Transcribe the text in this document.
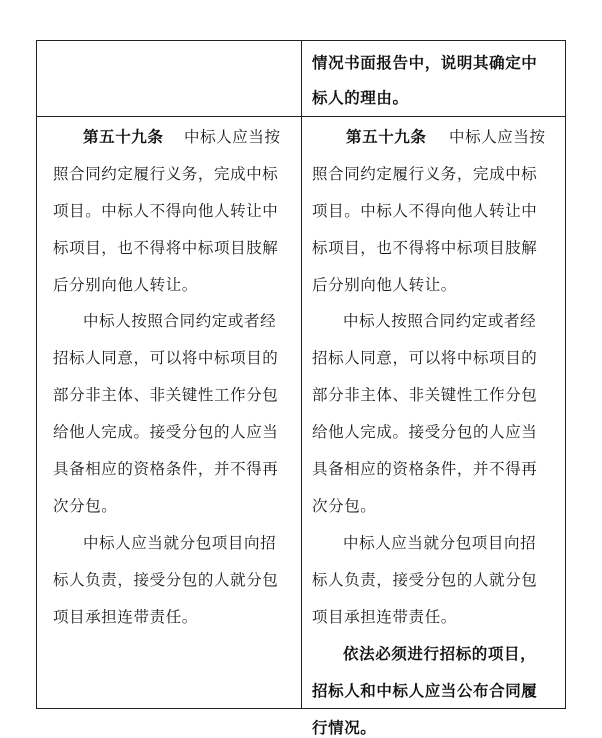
情况书面报告中，说明其确定中
标人的理由。
第五十九条 中标人应当按
照合同约定履行义务，完成中标
项目。中标人不得向他人转让中
标项目，也不得将中标项目肢解
后分别向他人转让。
中标人按照合同约定或者经
招标人同意，可以将中标项目的
部分非主体、非关键性工作分包
给他人完成。接受分包的人应当
具备相应的资格条件，并不得再
次分包。
中标人应当就分包项目向招
标人负责，接受分包的人就分包
项目承担连带责任。
第五十九条 中标人应当按
照合同约定履行义务，完成中标
项目。中标人不得向他人转让中
标项目，也不得将中标项目肢解
后分别向他人转让。
中标人按照合同约定或者经
招标人同意，可以将中标项目的
部分非主体、非关键性工作分包
给他人完成。接受分包的人应当
具备相应的资格条件，并不得再
次分包。
中标人应当就分包项目向招
标人负责，接受分包的人就分包
项目承担连带责任。
依法必须进行招标的项目，
招标人和中标人应当公布合同履
行情况。
